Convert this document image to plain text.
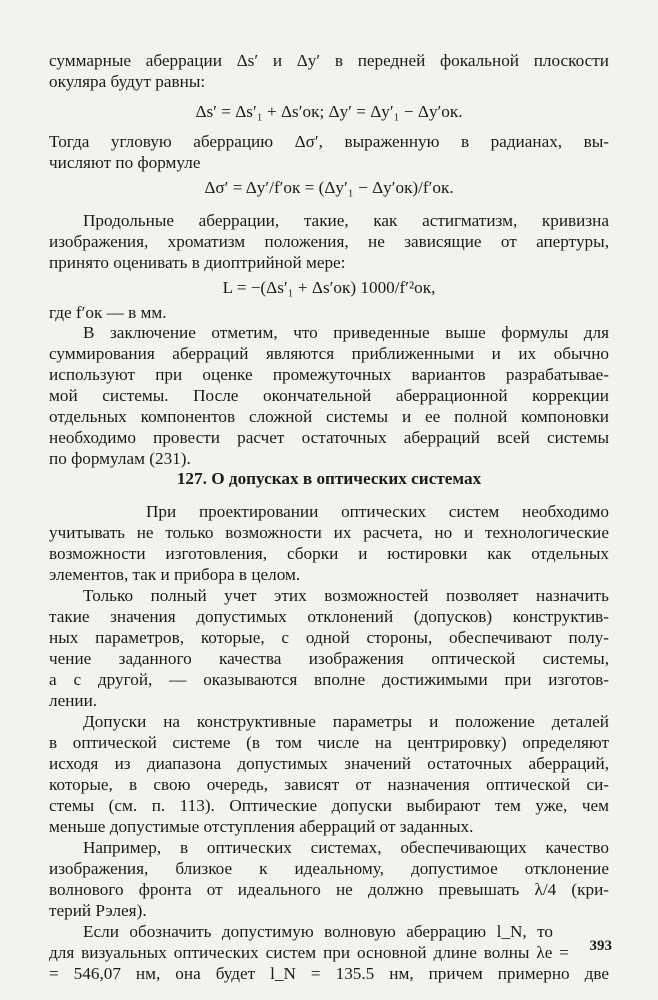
суммарные аберрации Δs′ и Δy′ в передней фокальной плоскости
окуляра будут равны:
Δs′ = Δs′₁ + Δs′ок; Δy′ = Δy′₁ − Δy′ок.
Тогда угловую аберрацию Δσ′, выраженную в радианах, вы-
числяют по формуле
Δσ′ = Δy′/f′ок = (Δy′₁ − Δy′ок)/f′ок.
Продольные аберрации, такие, как астигматизм, кривизна
изображения, хроматизм положения, не зависящие от апертуры,
принято оценивать в диоптрийной мере:
L = −(Δs′₁ + Δs′ок) 1000/f′²ок,
где f′ок — в мм.
В заключение отметим, что приведенные выше формулы для
суммирования аберраций являются приближенными и их обычно
используют при оценке промежуточных вариантов разрабатывае-
мой системы. После окончательной аберрационной коррекции
отдельных компонентов сложной системы и ее полной компоновки
необходимо провести расчет остаточных аберраций всей системы
по формулам (231).
127. О допусках в оптических системах
При проектировании оптических систем необходимо
учитывать не только возможности их расчета, но и технологические
возможности изготовления, сборки и юстировки как отдельных
элементов, так и прибора в целом.
Только полный учет этих возможностей позволяет назначить
такие значения допустимых отклонений (допусков) конструктив-
ных параметров, которые, с одной стороны, обеспечивают полу-
чение заданного качества изображения оптической системы,
а с другой, — оказываются вполне достижимыми при изготов-
лении.
Допуски на конструктивные параметры и положение деталей
в оптической системе (в том числе на центрировку) определяют
исходя из диапазона допустимых значений остаточных аберраций,
которые, в свою очередь, зависят от назначения оптической си-
стемы (см. п. 113). Оптические допуски выбирают тем уже, чем
меньше допустимые отступления аберраций от заданных.
Например, в оптических системах, обеспечивающих качество
изображения, близкое к идеальному, допустимое отклонение
волнового фронта от идеального не должно превышать λ/4 (кри-
терий Рэлея).
Если обозначить допустимую волновую аберрацию l_N, то
для визуальных оптических систем при основной длине волны λe =
= 546,07 нм, она будет l_N = 135.5 нм, причем примерно две
393
